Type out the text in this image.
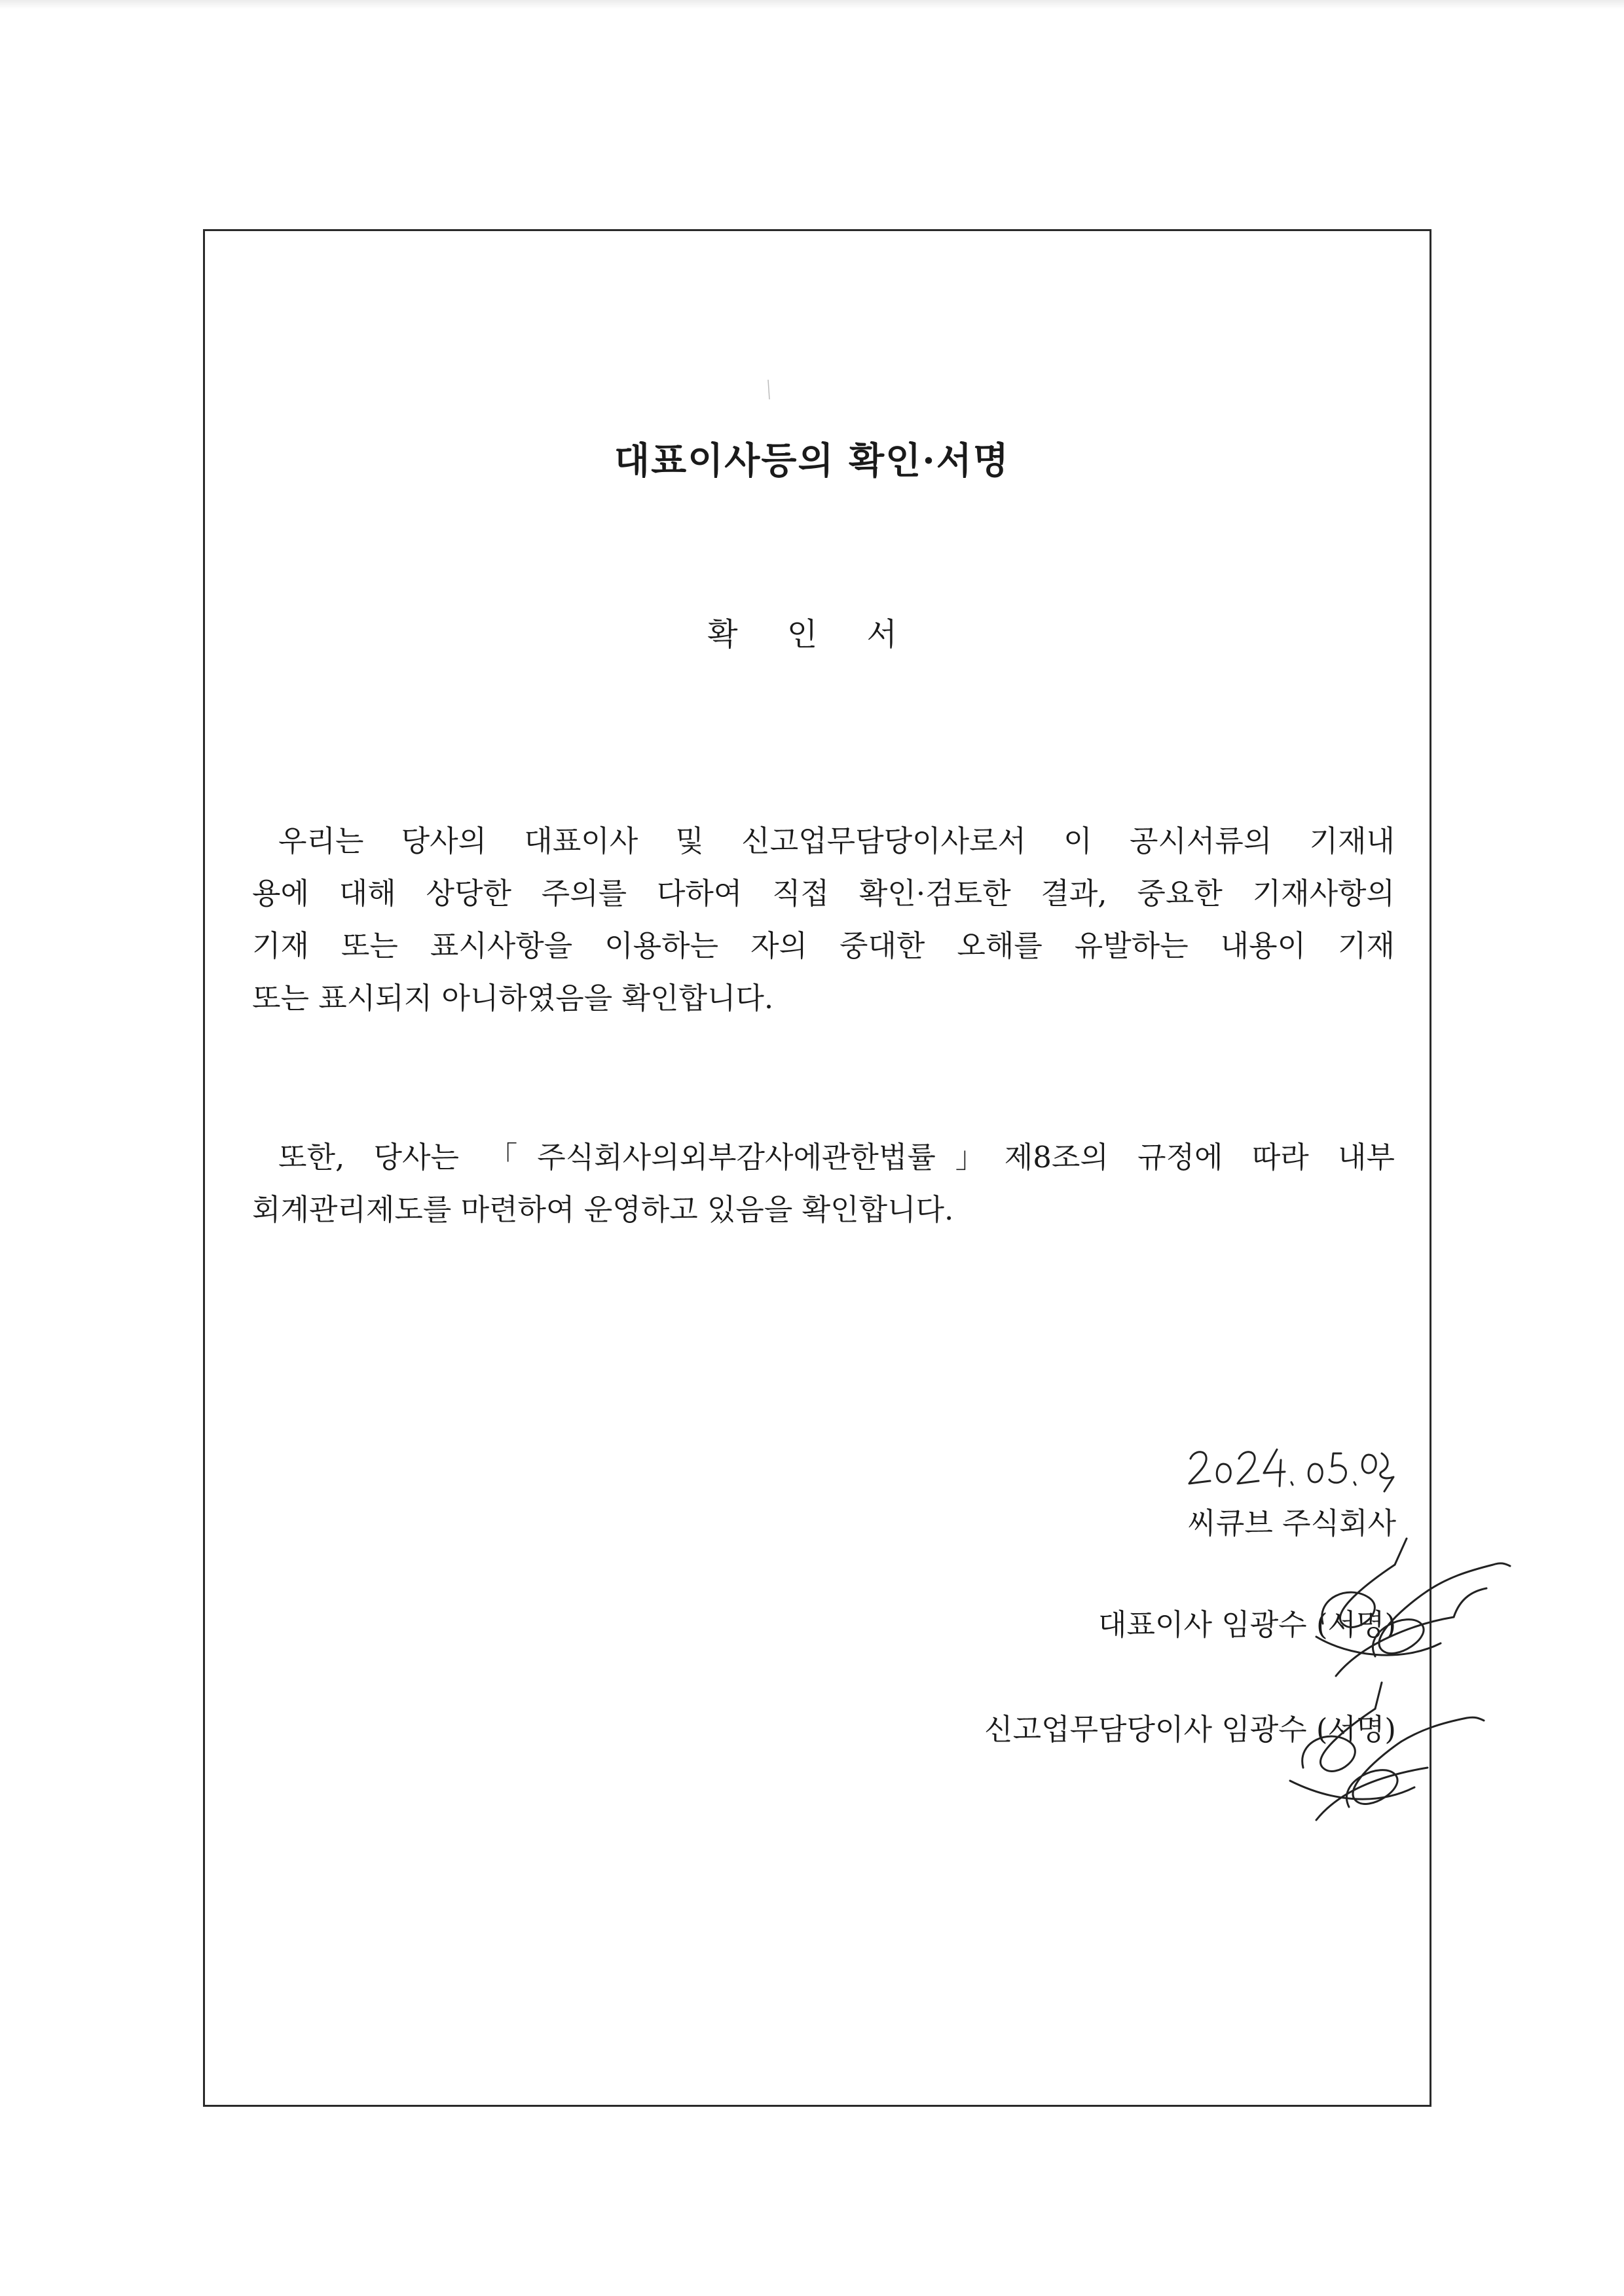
대표이사등의 확인·서명
확 인 서
우리는 당사의 대표이사 및 신고업무담당이사로서 이 공시서류의 기재내
용에 대해 상당한 주의를 다하여 직접 확인·검토한 결과, 중요한 기재사항의
기재 또는 표시사항을 이용하는 자의 중대한 오해를 유발하는 내용이 기재
또는 표시되지 아니하였음을 확인합니다.
또한, 당사는 「주식회사의외부감사에관한법률」제8조의 규정에 따라 내부
회계관리제도를 마련하여 운영하고 있음을 확인합니다.
씨큐브 주식회사
대표이사 임광수 (서명)
신고업무담당이사 임광수 (서명)
